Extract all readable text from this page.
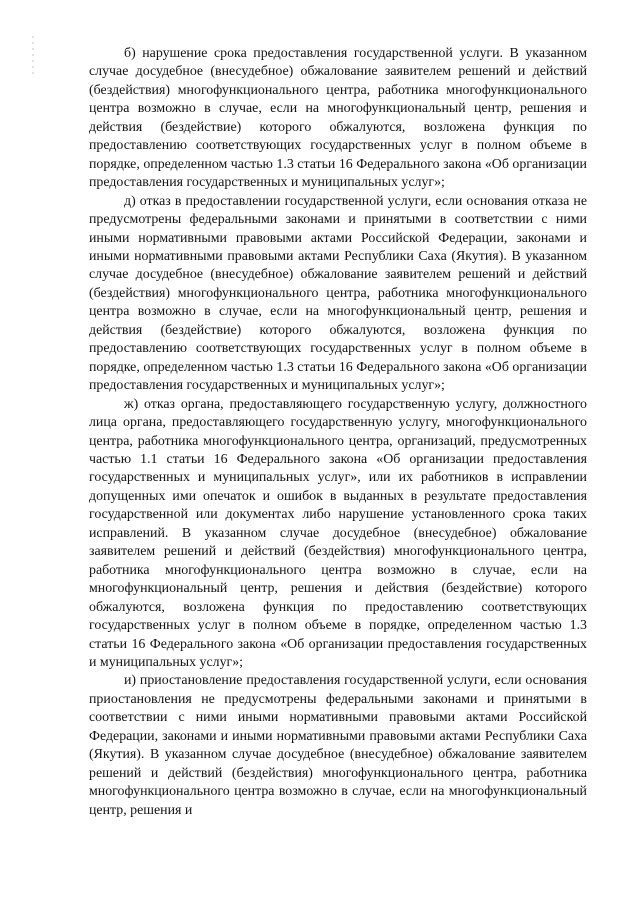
б) нарушение срока предоставления государственной услуги. В указанном случае досудебное (внесудебное) обжалование заявителем решений и действий (бездействия) многофункционального центра, работника многофункционального центра возможно в случае, если на многофункциональный центр, решения и действия (бездействие) которого обжалуются, возложена функция по предоставлению соответствующих государственных услуг в полном объеме в порядке, определенном частью 1.3 статьи 16 Федерального закона «Об организации предоставления государственных и муниципальных услуг»;

д) отказ в предоставлении государственной услуги, если основания отказа не предусмотрены федеральными законами и принятыми в соответствии с ними иными нормативными правовыми актами Российской Федерации, законами и иными нормативными правовыми актами Республики Саха (Якутия). В указанном случае досудебное (внесудебное) обжалование заявителем решений и действий (бездействия) многофункционального центра, работника многофункционального центра возможно в случае, если на многофункциональный центр, решения и действия (бездействие) которого обжалуются, возложена функция по предоставлению соответствующих государственных услуг в полном объеме в порядке, определенном частью 1.3 статьи 16 Федерального закона «Об организации предоставления государственных и муниципальных услуг»;

ж) отказ органа, предоставляющего государственную услугу, должностного лица органа, предоставляющего государственную услугу, многофункционального центра, работника многофункционального центра, организаций, предусмотренных частью 1.1 статьи 16 Федерального закона «Об организации предоставления государственных и муниципальных услуг», или их работников в исправлении допущенных ими опечаток и ошибок в выданных в результате предоставления государственной или документах либо нарушение установленного срока таких исправлений. В указанном случае досудебное (внесудебное) обжалование заявителем решений и действий (бездействия) многофункционального центра, работника многофункционального центра возможно в случае, если на многофункциональный центр, решения и действия (бездействие) которого обжалуются, возложена функция по предоставлению соответствующих государственных услуг в полном объеме в порядке, определенном частью 1.3 статьи 16 Федерального закона «Об организации предоставления государственных и муниципальных услуг»;

и) приостановление предоставления государственной услуги, если основания приостановления не предусмотрены федеральными законами и принятыми в соответствии с ними иными нормативными правовыми актами Российской Федерации, законами и иными нормативными правовыми актами Республики Саха (Якутия). В указанном случае досудебное (внесудебное) обжалование заявителем решений и действий (бездействия) многофункционального центра, работника многофункционального центра возможно в случае, если на многофункциональный центр, решения и
